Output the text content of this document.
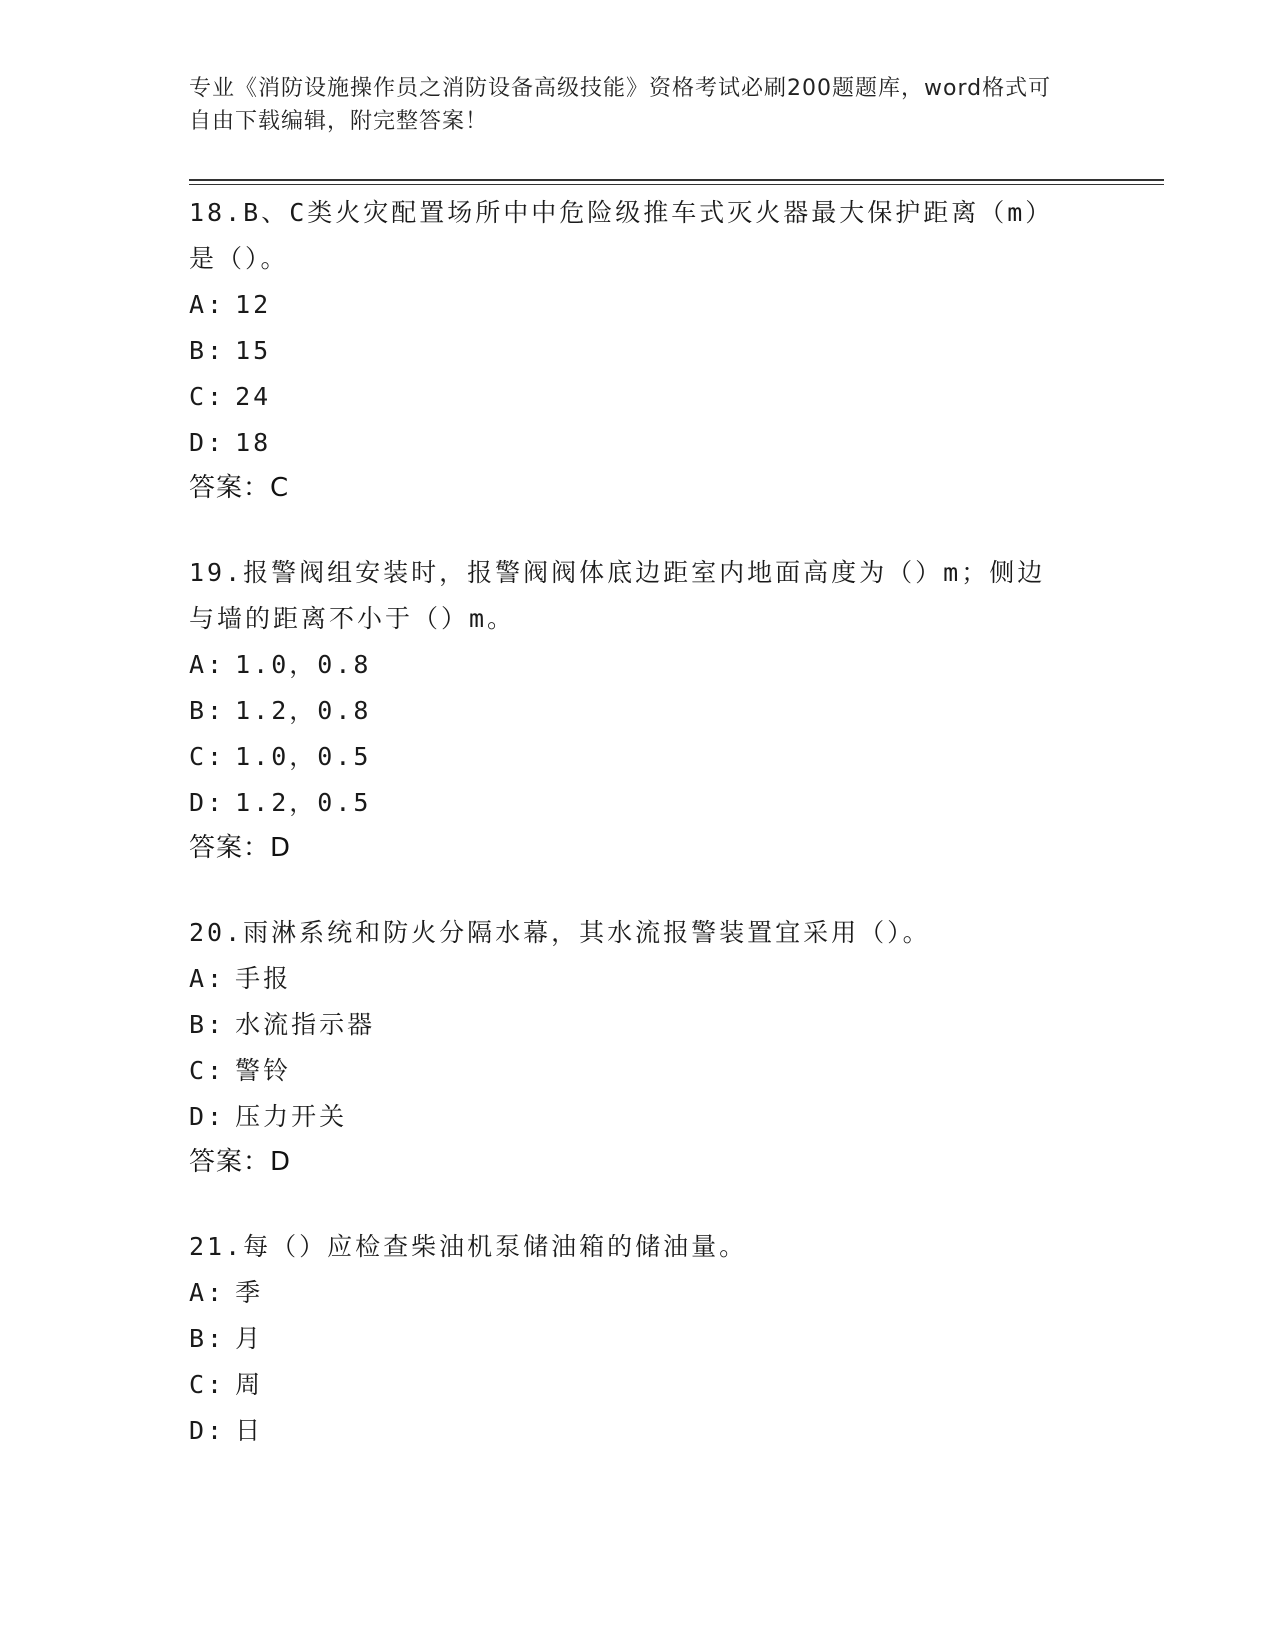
专业《消防设施操作员之消防设备高级技能》资格考试必刷200题题库，word格式可自由下载编辑，附完整答案！
18.B、C类火灾配置场所中中危险级推车式灭火器最大保护距离（m）是（）。
A: 12
B: 15
C: 24
D: 18
答案：C
19.报警阀组安装时，报警阀阀体底边距室内地面高度为（）m；侧边与墙的距离不小于（）m。
A: 1.0，0.8
B: 1.2，0.8
C: 1.0，0.5
D: 1.2，0.5
答案：D
20.雨淋系统和防火分隔水幕，其水流报警装置宜采用（）。
A: 手报
B: 水流指示器
C: 警铃
D: 压力开关
答案：D
21.每（）应检查柴油机泵储油箱的储油量。
A: 季
B: 月
C: 周
D: 日
